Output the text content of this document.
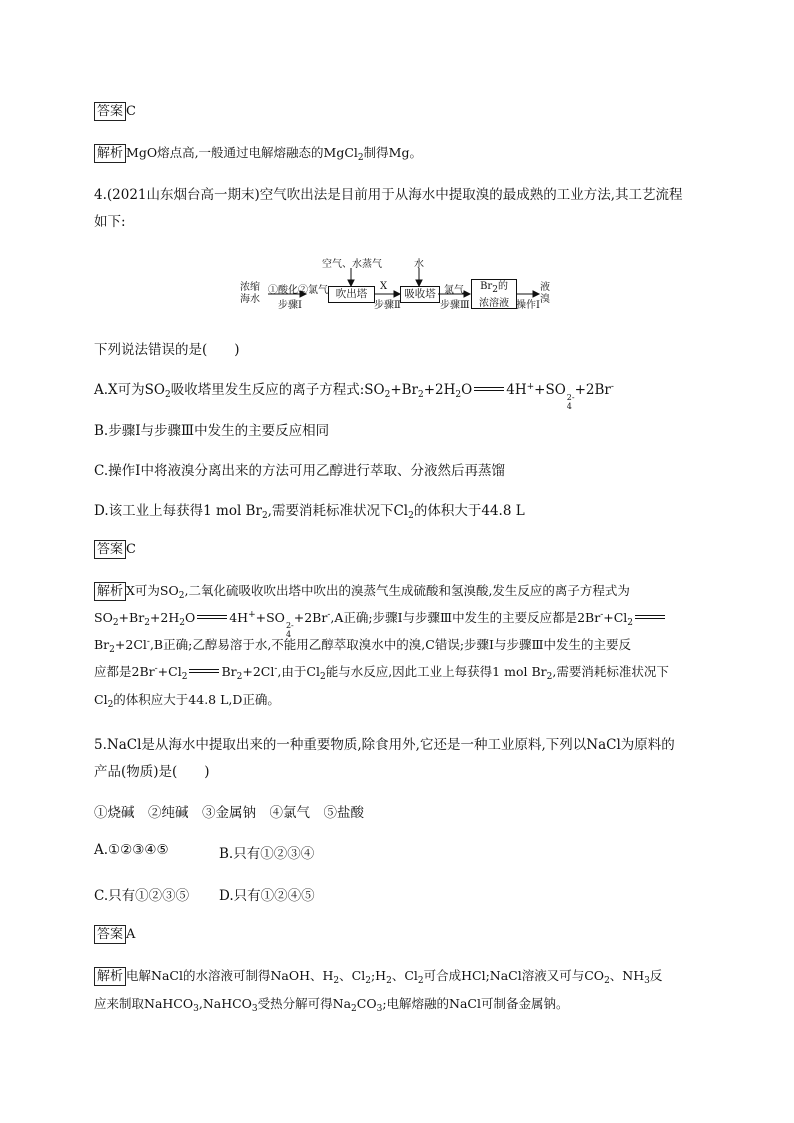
答案 C
解析 MgO熔点高,一般通过电解熔融态的MgCl$_2$制得Mg。
4.(2021山东烟台高一期末)空气吹出法是目前用于从海水中提取溴的最成熟的工业方法,其工艺流程
如下:
浓缩
海水
①酸化②氯气
步骤Ⅰ
空气、水蒸气
吹出塔
X
步骤Ⅱ
水
吸收塔 氯气
步骤Ⅲ
Br2的
浓溶液 操作Ⅰ
液
溴
下列说法错误的是(　　)
A.X可为$SO_2$吸收塔里发生反应的离子方程式$:SO_2+Br_2+2H_2O$	4H++SO 2-
4
+2Br-
B.步骤Ⅰ与步骤Ⅲ中发生的主要反应相同
C.操作Ⅰ中将液溴分离出来的方法可用乙醇进行萃取、分液然后再蒸馏
D.该工业上每获得1 mol $Br_2$,需要消耗标准状况下$Cl_2$的体积大于44.8 L
答案 C
解析 X可为$SO_2$,二氧化硫吸收吹出塔中吹出的溴蒸气生成硫酸和氢溴酸,发生反应的离子方程式为
$SO_2+Br_2+2H_2O$	4H++SO
2-
4
+2Br-,A正确;步骤Ⅰ与步骤Ⅲ中发生的主要反应都是$2Br^-+Cl_2$
$Br_2+2Cl^-,B$正确;乙醇易溶于水,不能用乙醇萃取溴水中的溴,C错误;步骤Ⅰ与步骤Ⅲ中发生的主要反
应都是$2Br^-+Cl_2$	$Br_2+2Cl^-$,由于$Cl_2$能与水反应,因此工业上每获得1 mol $Br_2$,需要消耗标准状况下
$Cl_2$的体积应大于44.8 L,D正确。
5.NaCl是从海水中提取出来的一种重要物质,除食用外,它还是一种工业原料,下列以NaCl为原料的
产品(物质)是(　　)
①烧碱　②纯碱　③金属钠　④氯气　⑤盐酸
A.①②③④⑤	B.只有①②③④
C.只有①②③⑤ D.只有①②④⑤
答案 A
解析 电解NaCl的水溶液可制得NaOH、$H_2$、$Cl_2;H_2$、$Cl_2$可合成HCl;NaCl溶液又可与$CO_2$、$NH_3$反
应来制取NaHCO$_3$,NaHCO$_3$受热分解可得$Na_2CO_3$;电解熔融的NaCl可制备金属钠。
